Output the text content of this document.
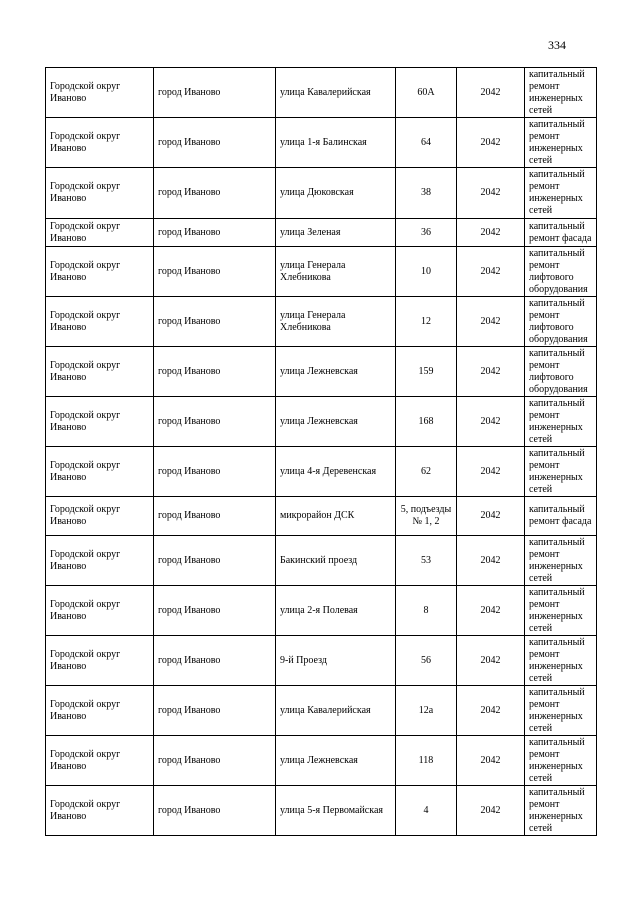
334
Городской округ Иваново	город Иваново	улица Кавалерийская	60А	2042	капитальный ремонт инженерных сетей
Городской округ Иваново	город Иваново	улица 1-я Балинская	64	2042	капитальный ремонт инженерных сетей
Городской округ Иваново	город Иваново	улица Дюковская	38	2042	капитальный ремонт инженерных сетей
Городской округ Иваново	город Иваново	улица Зеленая	36	2042	капитальный ремонт фасада
Городской округ Иваново	город Иваново	улица Генерала Хлебникова	10	2042	капитальный ремонт лифтового оборудования
Городской округ Иваново	город Иваново	улица Генерала Хлебникова	12	2042	капитальный ремонт лифтового оборудования
Городской округ Иваново	город Иваново	улица Лежневская	159	2042	капитальный ремонт лифтового оборудования
Городской округ Иваново	город Иваново	улица Лежневская	168	2042	капитальный ремонт инженерных сетей
Городской округ Иваново	город Иваново	улица 4-я Деревенская	62	2042	капитальный ремонт инженерных сетей
Городской округ Иваново	город Иваново	микрорайон ДСК	5, подъезды № 1, 2	2042	капитальный ремонт фасада
Городской округ Иваново	город Иваново	Бакинский проезд	53	2042	капитальный ремонт инженерных сетей
Городской округ Иваново	город Иваново	улица 2-я Полевая	8	2042	капитальный ремонт инженерных сетей
Городской округ Иваново	город Иваново	9-й Проезд	56	2042	капитальный ремонт инженерных сетей
Городской округ Иваново	город Иваново	улица Кавалерийская	12а	2042	капитальный ремонт инженерных сетей
Городской округ Иваново	город Иваново	улица Лежневская	118	2042	капитальный ремонт инженерных сетей
Городской округ Иваново	город Иваново	улица 5-я Первомайская	4	2042	капитальный ремонт инженерных сетей
